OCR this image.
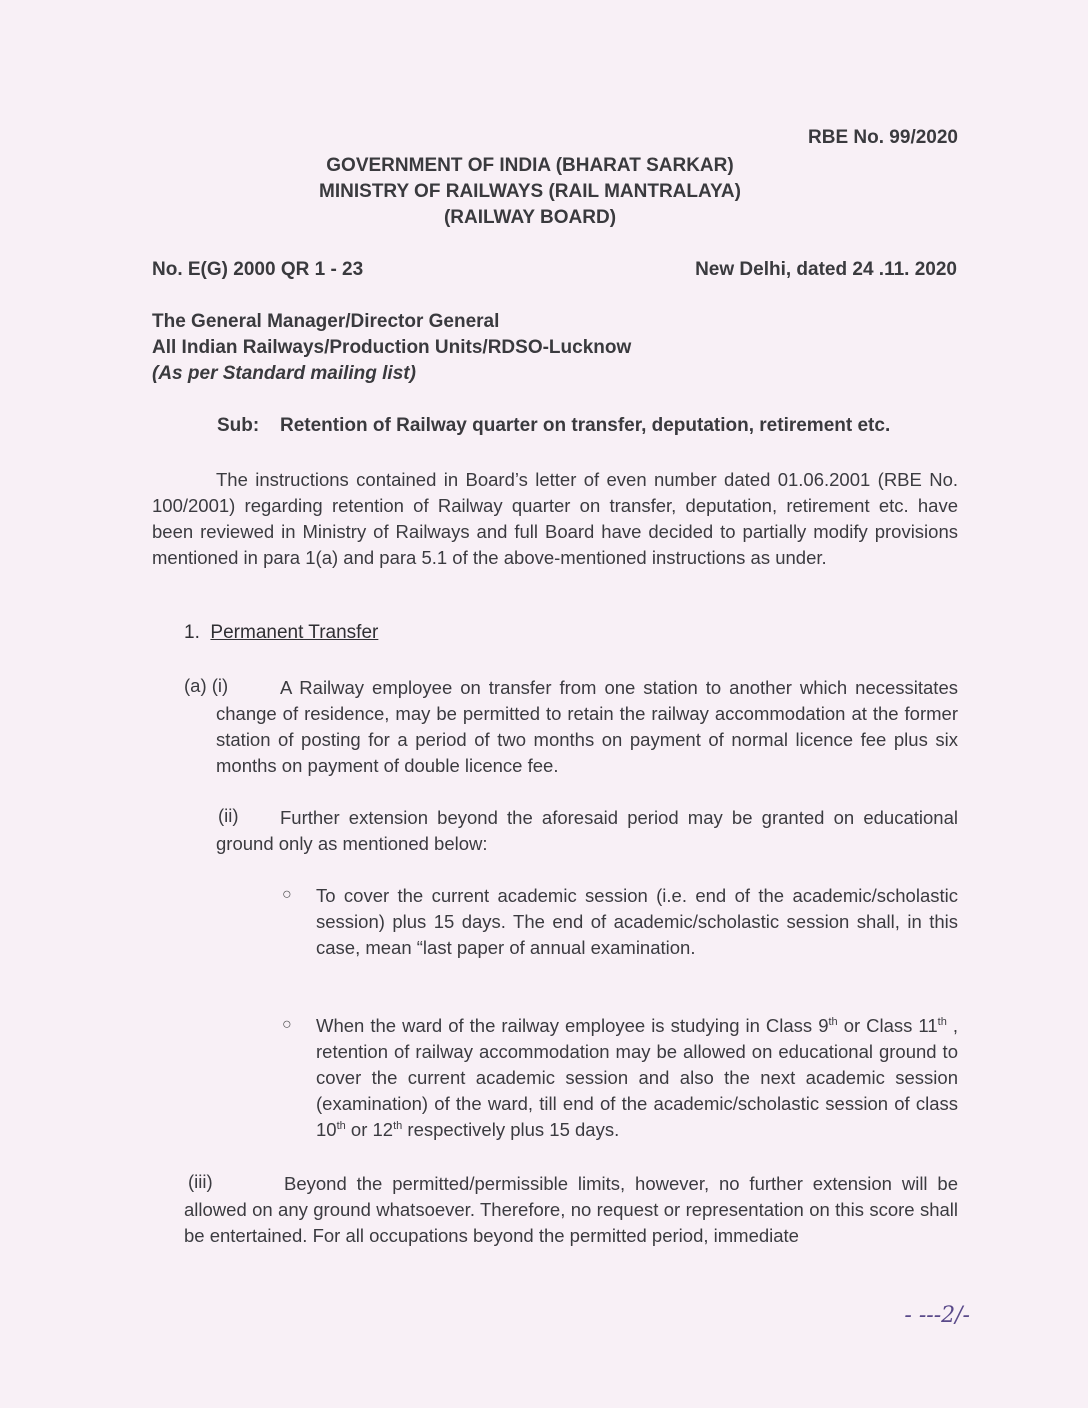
RBE No. 99/2020
GOVERNMENT OF INDIA (BHARAT SARKAR)
MINISTRY OF RAILWAYS (RAIL MANTRALAYA)
(RAILWAY BOARD)
No. E(G) 2000 QR 1 - 23	New Delhi, dated 24 .11. 2020
The General Manager/Director General
All Indian Railways/Production Units/RDSO-Lucknow
(As per Standard mailing list)
Sub: Retention of Railway quarter on transfer, deputation, retirement etc.
The instructions contained in Board’s letter of even number dated 01.06.2001 (RBE No. 100/2001) regarding retention of Railway quarter on transfer, deputation, retirement etc. have been reviewed in Ministry of Railways and full Board have decided to partially modify provisions mentioned in para 1(a) and para 5.1 of the above-mentioned instructions as under.
1. Permanent Transfer
(a) (i)	A Railway employee on transfer from one station to another which necessitates change of residence, may be permitted to retain the railway accommodation at the former station of posting for a period of two months on payment of normal licence fee plus six months on payment of double licence fee.
(ii)	Further extension beyond the aforesaid period may be granted on educational ground only as mentioned below:
○ To cover the current academic session (i.e. end of the academic/scholastic session) plus 15 days. The end of academic/scholastic session shall, in this case, mean “last paper of annual examination.
○ When the ward of the railway employee is studying in Class 9th or Class 11th , retention of railway accommodation may be allowed on educational ground to cover the current academic session and also the next academic session (examination) of the ward, till end of the academic/scholastic session of class 10th or 12th respectively plus 15 days.
(iii)	Beyond the permitted/permissible limits, however, no further extension will be allowed on any ground whatsoever. Therefore, no request or representation on this score shall be entertained. For all occupations beyond the permitted period, immediate
- ---2/-
